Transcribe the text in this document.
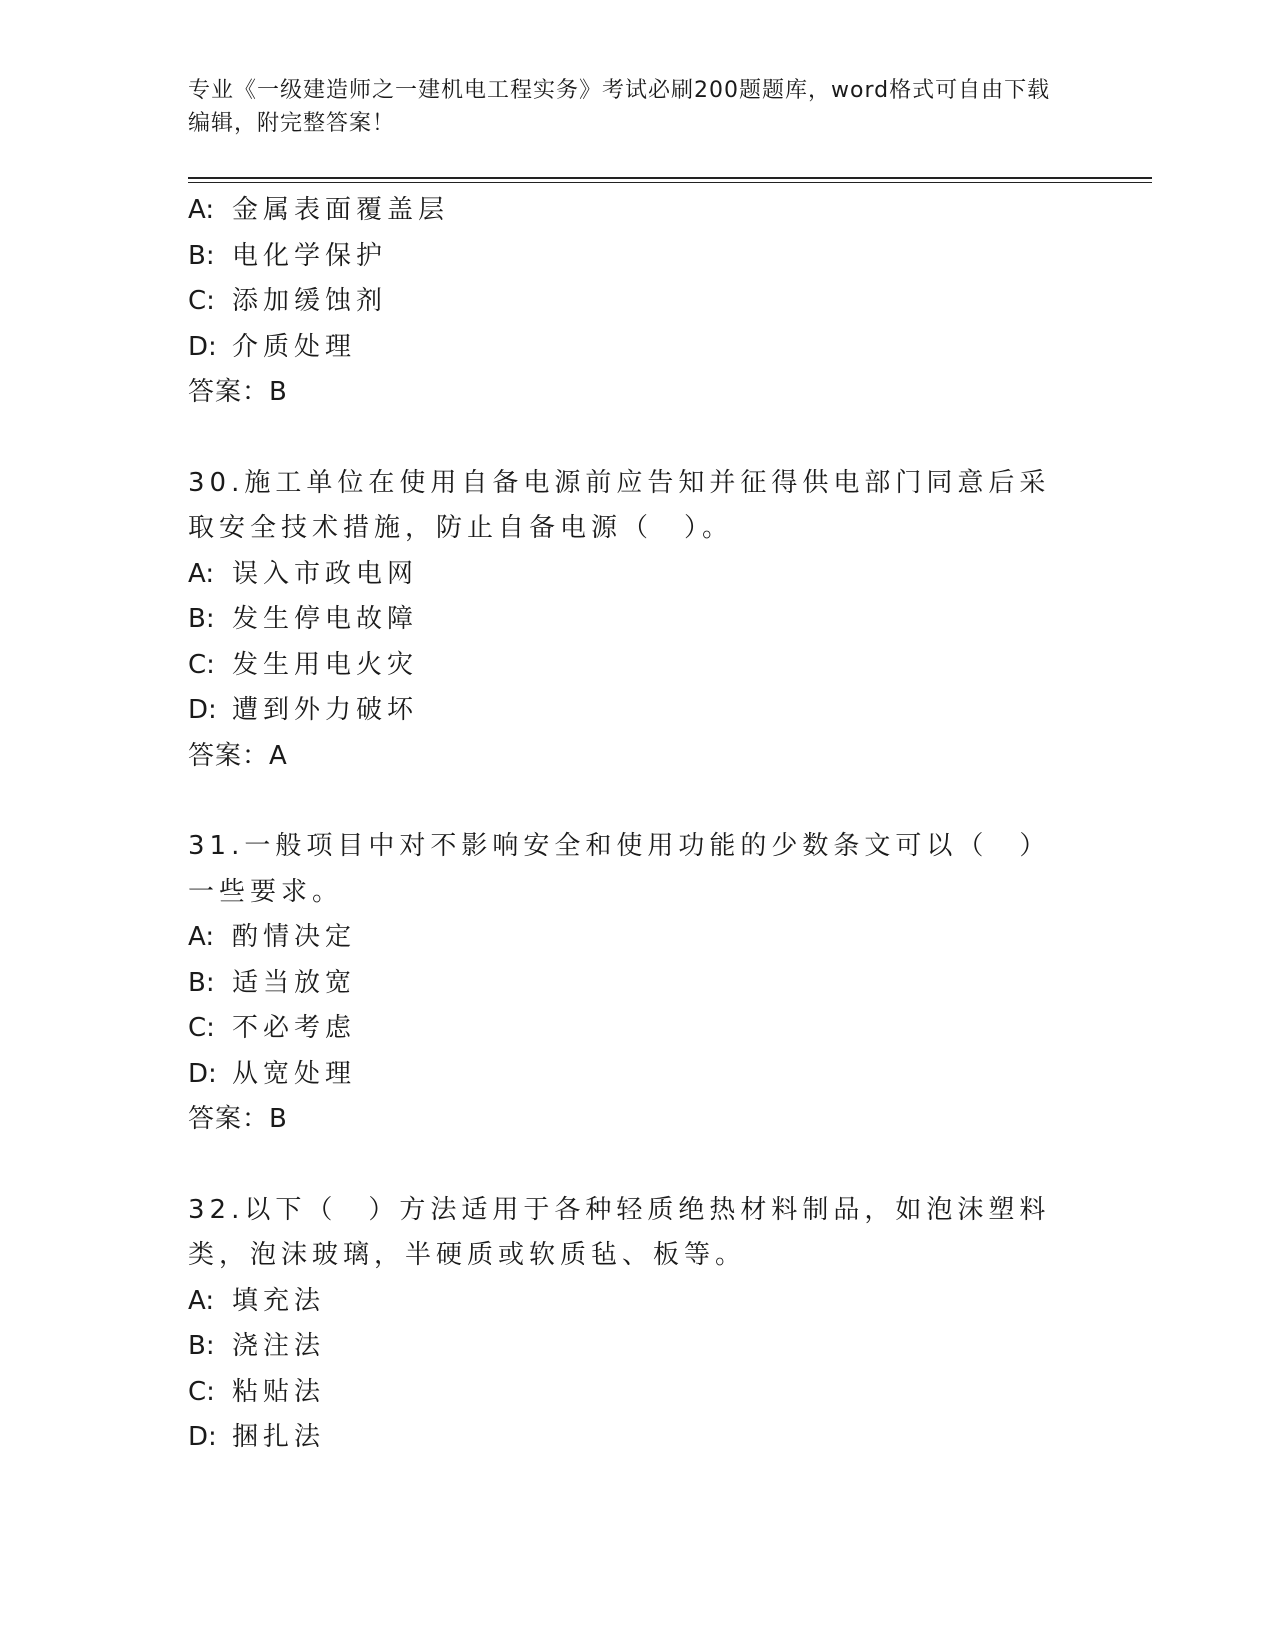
专业《一级建造师之一建机电工程实务》考试必刷200题题库，word格式可自由下载编辑，附完整答案！
A: 金属表面覆盖层
B: 电化学保护
C: 添加缓蚀剂
D: 介质处理
答案：B
30.施工单位在使用自备电源前应告知并征得供电部门同意后采取安全技术措施，防止自备电源（　）。
A: 误入市政电网
B: 发生停电故障
C: 发生用电火灾
D: 遭到外力破坏
答案：A
31.一般项目中对不影响安全和使用功能的少数条文可以（　）一些要求。
A: 酌情决定
B: 适当放宽
C: 不必考虑
D: 从宽处理
答案：B
32.以下（　）方法适用于各种轻质绝热材料制品，如泡沫塑料类，泡沫玻璃，半硬质或软质毡、板等。
A: 填充法
B: 浇注法
C: 粘贴法
D: 捆扎法
